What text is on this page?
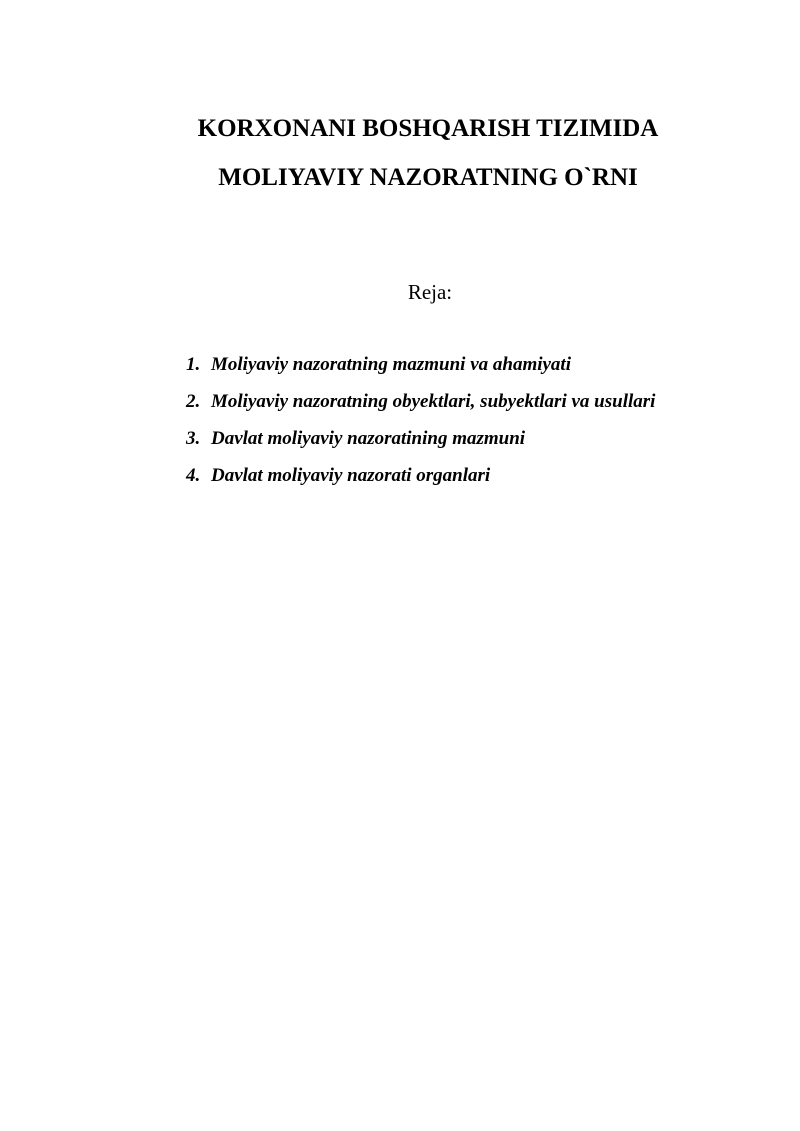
KORXONANI BOSHQARISH TIZIMIDA

MOLIYAVIY NAZORATNING O`RNI

Reja:

1. Moliyaviy nazoratning mazmuni va ahamiyati
2. Moliyaviy nazoratning obyektlari, subyektlari va usullari
3. Davlat moliyaviy nazoratining mazmuni
4. Davlat moliyaviy nazorati organlari
